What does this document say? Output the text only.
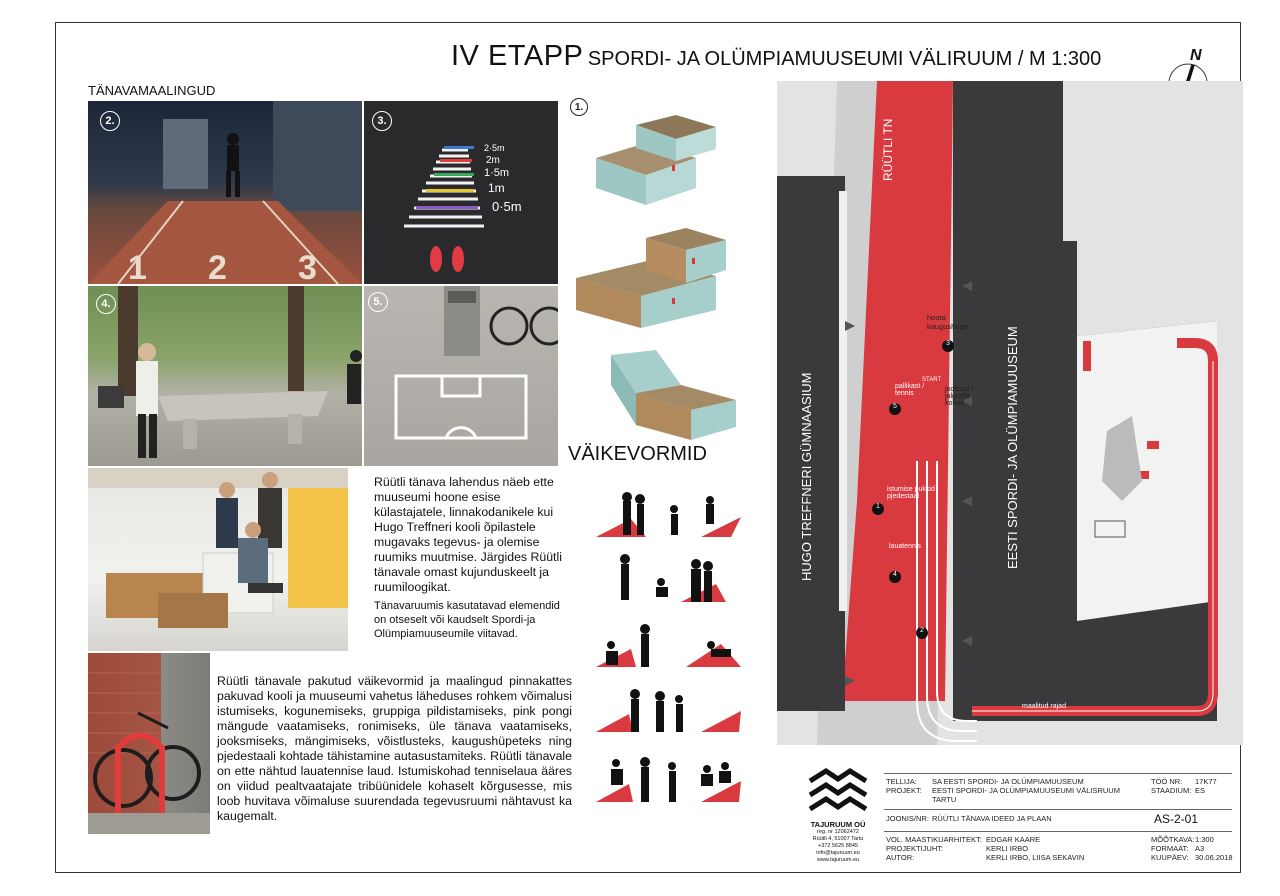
IV ETAPP SPORDI- JA OLÜMPIAMUUSEUMI VÄLIRUUM / M 1:300	N
TÄNAVAMAALINGUD
1 2 3
2.
2·5m
2m
1·5m
1m
0·5m
3.
4.	5.
Rüütli tänava lahendus näeb ette muuseumi hoone esise külastajatele, linnakodanikele kui Hugo Treffneri kooli õpilastele mugavaks tegevus- ja olemise ruumiks muutmise. Järgides Rüütli tänavale omast kujunduskeelt ja ruumiloogikat.
Tänavaruumis kasutatavad elemendid on otseselt või kaudselt Spordi-ja Olümpiamuuseumile viitavad.
Rüütli tänavale pakutud väikevormid ja maalingud pinnakattes pakuvad kooli ja muuseumi vahetus läheduses rohkem võimalusi istumiseks, kogunemiseks, gruppiga pildistamiseks, pink pongi mängude vaatamiseks, ronimiseks, üle tänava vaatamiseks, jooksmiseks, mängimiseks, võistlusteks, kaugushüpeteks ning pjedestaali kohtade tähistamine autasustamiteks. Rüütli tänavale on ette nähtud lauatennise laud. Istumiskohad tenniselaua ääres on viidud pealtvaatajate tribüünidele kohaselt kõrgusesse, mis loob huvitava võimaluse suurendada tegevusruumi nähtavust ka kaugemalt.
1.
VÄIKEVORMID
RÜÜTLI TN
HUGO TREFFNERI GÜMNAASIUM	EESTI SPORDI- JA OLÜMPIAMUUSEUM
hoota kaugushüpe
START
pallikast / tennis
jooksud / jalgratta kohad
istumise pukkid pjedestaal
lauatennis
maalitud rajad
3
5
1
4
2
TAJURUUM OÜ
reg. nr 12062472
Rüütli 4, 51007 Tartu
+372 5625 8845
info@tajuruum.eu
www.tajuruum.eu
TELLIJA: SA EESTI SPORDI- JA OLÜMPIAMUUSEUM
PROJEKT: EESTI SPORDI- JA OLÜMPIAMUUSEUMI VÄLISRUUM
TARTU
TÖÖ NR: 17K77
STAADIUM: ES
JOONIS/NR: RÜÜTLI TÄNAVA IDEED JA PLAAN	AS-2-01
VOL. MAASTIKUARHITEKT: EDGAR KAARE
PROJEKTIJUHT:	KERLI IRBO
AUTOR:	KERLI IRBO, LIISA SEKAVIN
MÕÕTKAVA:1:300
FORMAAT: A3
KUUPÄEV: 30.06.2018
